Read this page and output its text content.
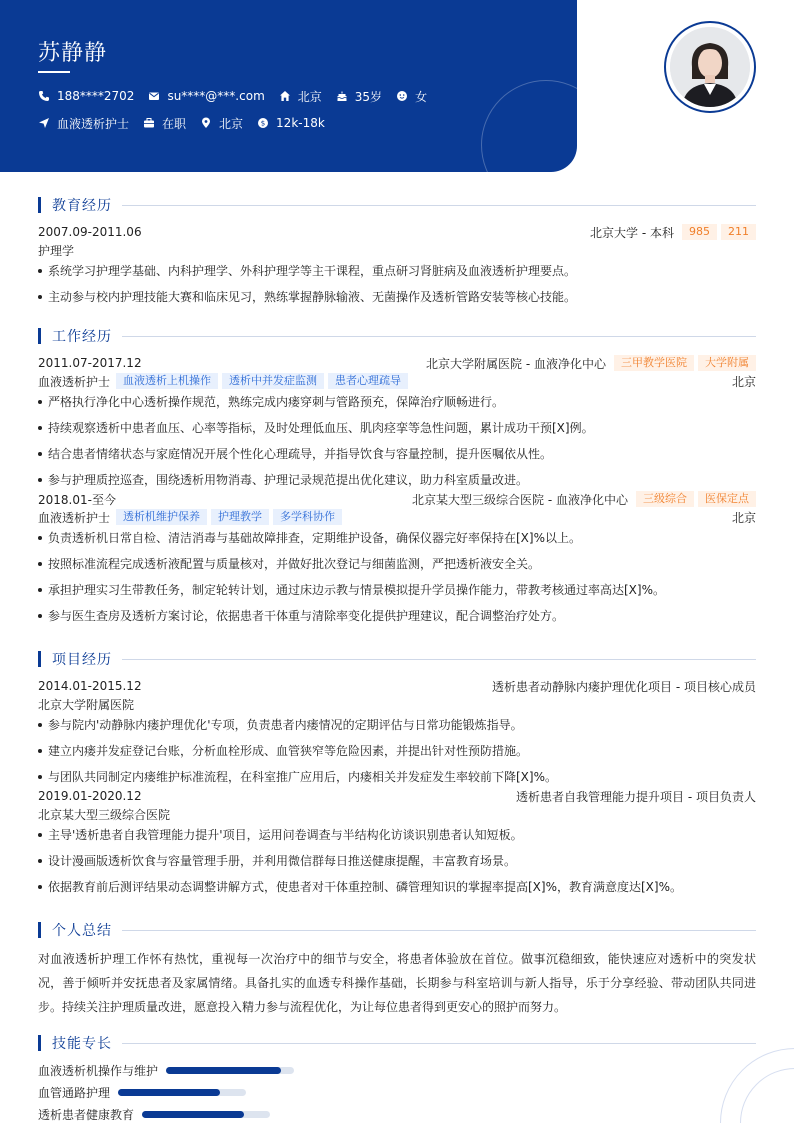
苏静静
188****2702	su****@***.com	北京	35岁	女
血液透析护士	在职	北京	$ 12k-18k
教育经历
2007.09-2011.06	北京大学 - 本科	985	211
护理学
系统学习护理学基础、内科护理学、外科护理学等主干课程，重点研习肾脏病及血液透析护理要点。
主动参与校内护理技能大赛和临床见习，熟练掌握静脉输液、无菌操作及透析管路安装等核心技能。
工作经历
2011.07-2017.12	北京大学附属医院 - 血液净化中心	三甲教学医院	大学附属
血液透析护士	血液透析上机操作	透析中并发症监测	患者心理疏导	北京
严格执行净化中心透析操作规范，熟练完成内瘘穿刺与管路预充，保障治疗顺畅进行。
持续观察透析中患者血压、心率等指标，及时处理低血压、肌肉痉挛等急性问题，累计成功干预[X]例。
结合患者情绪状态与家庭情况开展个性化心理疏导，并指导饮食与容量控制，提升医嘱依从性。
参与护理质控巡查，围绕透析用物消毒、护理记录规范提出优化建议，助力科室质量改进。
2018.01-至今	北京某大型三级综合医院 - 血液净化中心	三级综合	医保定点
血液透析护士	透析机维护保养	护理教学	多学科协作	北京
负责透析机日常自检、清洁消毒与基础故障排查，定期维护设备，确保仪器完好率保持在[X]%以上。
按照标准流程完成透析液配置与质量核对，并做好批次登记与细菌监测，严把透析液安全关。
承担护理实习生带教任务，制定轮转计划，通过床边示教与情景模拟提升学员操作能力，带教考核通过率高达[X]%。
参与医生查房及透析方案讨论，依据患者干体重与清除率变化提供护理建议，配合调整治疗处方。
项目经历
2014.01-2015.12	透析患者动静脉内瘘护理优化项目 - 项目核心成员
北京大学附属医院
参与院内'动静脉内瘘护理优化'专项，负责患者内瘘情况的定期评估与日常功能锻炼指导。
建立内瘘并发症登记台账，分析血栓形成、血管狭窄等危险因素，并提出针对性预防措施。
与团队共同制定内瘘维护标准流程，在科室推广应用后，内瘘相关并发症发生率较前下降[X]%。
2019.01-2020.12	透析患者自我管理能力提升项目 - 项目负责人
北京某大型三级综合医院
主导'透析患者自我管理能力提升'项目，运用问卷调查与半结构化访谈识别患者认知短板。
设计漫画版透析饮食与容量管理手册，并利用微信群每日推送健康提醒，丰富教育场景。
依据教育前后测评结果动态调整讲解方式，使患者对干体重控制、磷管理知识的掌握率提高[X]%，教育满意度达[X]%。
个人总结
对血液透析护理工作怀有热忱，重视每一次治疗中的细节与安全，将患者体验放在首位。做事沉稳细致，能快速应对透析中的突发状况，善于倾听并安抚患者及家属情绪。具备扎实的血透专科操作基础，长期参与科室培训与新人指导，乐于分享经验、带动团队共同进步。持续关注护理质量改进，愿意投入精力参与流程优化，为让每位患者得到更安心的照护而努力。
技能专长
血液透析机操作与维护
血管通路护理
透析患者健康教育
